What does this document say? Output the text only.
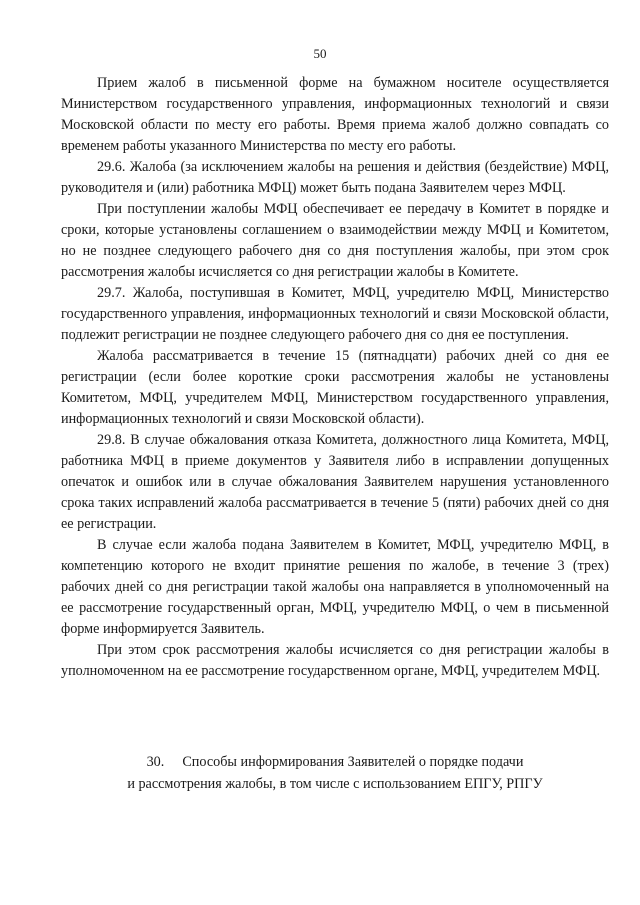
50

Прием жалоб в письменной форме на бумажном носителе осуществляется Министерством государственного управления, информационных технологий и связи Московской области по месту его работы. Время приема жалоб должно совпадать со временем работы указанного Министерства по месту его работы.

29.6. Жалоба (за исключением жалобы на решения и действия (бездействие) МФЦ, руководителя и (или) работника МФЦ) может быть подана Заявителем через МФЦ.

При поступлении жалобы МФЦ обеспечивает ее передачу в Комитет в порядке и сроки, которые установлены соглашением о взаимодействии между МФЦ и Комитетом, но не позднее следующего рабочего дня со дня поступления жалобы, при этом срок рассмотрения жалобы исчисляется со дня регистрации жалобы в Комитете.

29.7. Жалоба, поступившая в Комитет, МФЦ, учредителю МФЦ, Министерство государственного управления, информационных технологий и связи Московской области, подлежит регистрации не позднее следующего рабочего дня со дня ее поступления.

Жалоба рассматривается в течение 15 (пятнадцати) рабочих дней со дня ее регистрации (если более короткие сроки рассмотрения жалобы не установлены Комитетом, МФЦ, учредителем МФЦ, Министерством государственного управления, информационных технологий и связи Московской области).

29.8. В случае обжалования отказа Комитета, должностного лица Комитета, МФЦ, работника МФЦ в приеме документов у Заявителя либо в исправлении допущенных опечаток и ошибок или в случае обжалования Заявителем нарушения установленного срока таких исправлений жалоба рассматривается в течение 5 (пяти) рабочих дней со дня ее регистрации.

В случае если жалоба подана Заявителем в Комитет, МФЦ, учредителю МФЦ, в компетенцию которого не входит принятие решения по жалобе, в течение 3 (трех) рабочих дней со дня регистрации такой жалобы она направляется в уполномоченный на ее рассмотрение государственный орган, МФЦ, учредителю МФЦ, о чем в письменной форме информируется Заявитель.

При этом срок рассмотрения жалобы исчисляется со дня регистрации жалобы в уполномоченном на ее рассмотрение государственном органе, МФЦ, учредителем МФЦ.

30. Способы информирования Заявителей о порядке подачи
и рассмотрения жалобы, в том числе с использованием ЕПГУ, РПГУ
